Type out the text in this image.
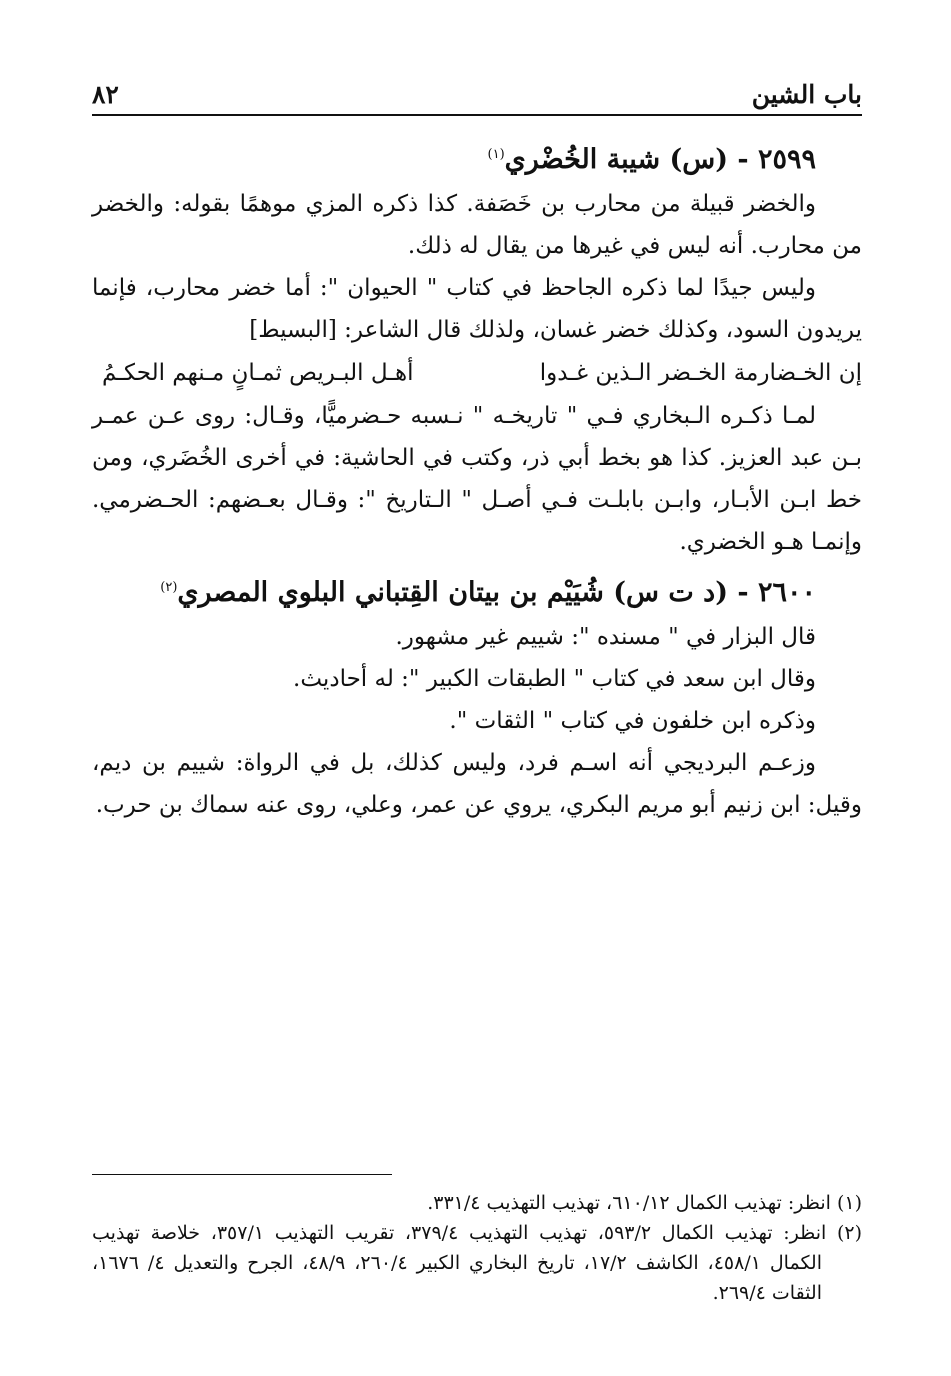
باب الشين
٨٢

٢٥٩٩ - (س) شيبة الخُضْري$^{(١)}$

والخضر قبيلة من محارب بن خَصَفة. كذا ذكره المزي موهمًا بقوله: والخضر من محارب. أنه ليس في غيرها من يقال له ذلك.

وليس جيدًا لما ذكره الجاحظ في كتاب " الحيوان ": أما خضر محارب، فإنما يريدون السود، وكذلك خضر غسان، ولذلك قال الشاعر: [البسيط]

إن الخـضارمة الخـضر الـذين غـدوا
أهـل البـريص ثمـانٍ مـنهم الحكـمُ

لمـا ذكـره الـبخاري فـي " تاريخـه " نـسبه حـضرميًّا، وقـال: روى عـن عمـر بـن عبد العزيز. كذا هو بخط أبي ذر، وكتب في الحاشية: في أخرى الخُضَري، ومن خط ابـن الأبـار، وابـن بابلـت فـي أصـل " الـتاريخ ": وقـال بعـضهم: الحـضرمي. وإنمـا هـو الخضري.

٢٦٠٠ - (د ت س) شُيَيْم بن بيتان القِتباني البلوي المصري$^{(٢)}$

قال البزار في " مسنده ": شييم غير مشهور.

وقال ابن سعد في كتاب " الطبقات الكبير ": له أحاديث.

وذكره ابن خلفون في كتاب " الثقات ".

وزعـم البرديجي أنه اسـم فرد، وليس كذلك، بل في الرواة: شييم بن ديم، وقيل: ابن زنيم أبو مريم البكري، يروي عن عمر، وعلي، روى عنه سماك بن حرب.

(١) انظر: تهذيب الكمال ٦١٠/١٢، تهذيب التهذيب ٣٣١/٤.

(٢) انظر: تهذيب الكمال ٥٩٣/٢، تهذيب التهذيب ٣٧٩/٤، تقريب التهذيب ٣٥٧/١، خلاصة تهذيب الكمال ٤٥٨/١، الكاشف ١٧/٢، تاريخ البخاري الكبير ٢٦٠/٤، ٤٨/٩، الجرح والتعديل ٤/ ١٦٧٦، الثقات ٢٦٩/٤.
